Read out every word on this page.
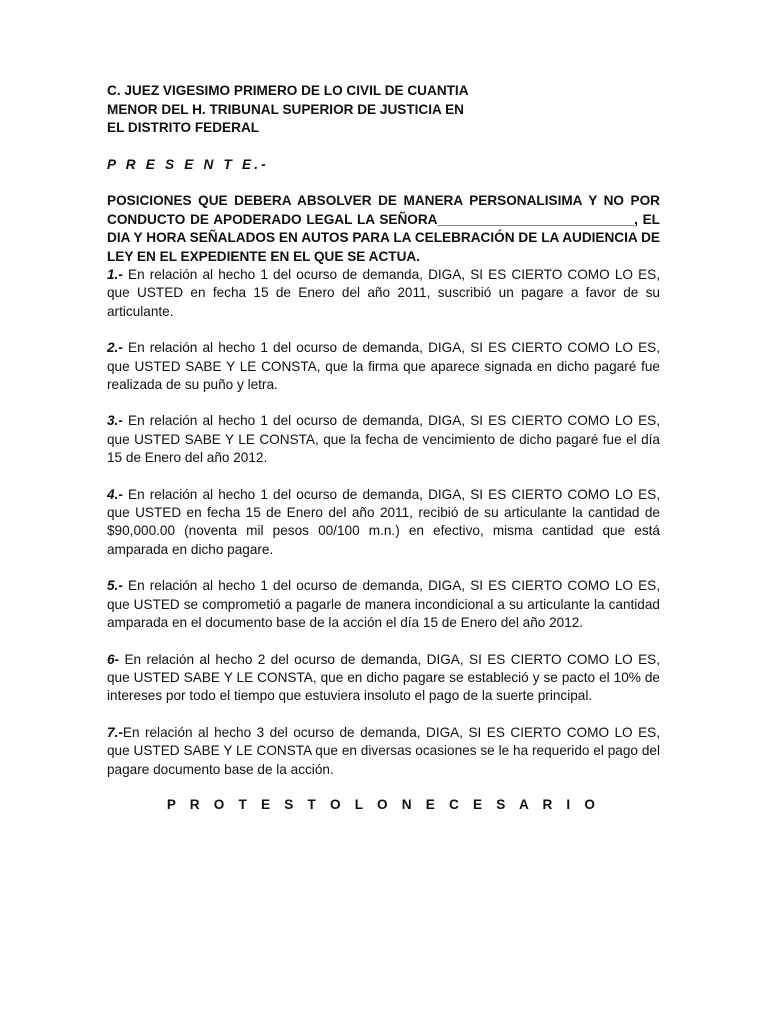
C. JUEZ VIGESIMO PRIMERO DE LO CIVIL DE CUANTIA
MENOR DEL H. TRIBUNAL SUPERIOR DE JUSTICIA EN
EL DISTRITO FEDERAL
P R E S E N T E.-
POSICIONES QUE DEBERA ABSOLVER DE MANERA PERSONALISIMA Y NO POR CONDUCTO DE APODERADO LEGAL LA SEÑORA__________________________, EL DIA Y HORA SEÑALADOS EN AUTOS PARA LA CELEBRACIÓN DE LA AUDIENCIA DE LEY EN EL EXPEDIENTE EN EL QUE SE ACTUA.

1.- En relación al hecho 1 del ocurso de demanda, DIGA, SI ES CIERTO COMO LO ES, que USTED en fecha 15 de Enero del año 2011, suscribió un pagare a favor de su articulante.

2.- En relación al hecho 1 del ocurso de demanda, DIGA, SI ES CIERTO COMO LO ES, que USTED SABE Y LE CONSTA, que la firma que aparece signada en dicho pagaré fue realizada de su puño y letra.

3.- En relación al hecho 1 del ocurso de demanda, DIGA, SI ES CIERTO COMO LO ES, que USTED SABE Y LE CONSTA, que la fecha de vencimiento de dicho pagaré fue el día 15 de Enero del año 2012.

4.- En relación al hecho 1 del ocurso de demanda, DIGA, SI ES CIERTO COMO LO ES, que USTED en fecha 15 de Enero del año 2011, recibió de su articulante la cantidad de $90,000.00 (noventa mil pesos 00/100 m.n.) en efectivo, misma cantidad que está amparada en dicho pagare.

5.- En relación al hecho 1 del ocurso de demanda, DIGA, SI ES CIERTO COMO LO ES, que USTED se comprometió a pagarle de manera incondicional a su articulante la cantidad amparada en el documento base de la acción el día 15 de Enero del año 2012.

6- En relación al hecho 2 del ocurso de demanda, DIGA, SI ES CIERTO COMO LO ES, que USTED SABE Y LE CONSTA, que en dicho pagare se estableció y se pacto el 10% de intereses por todo el tiempo que estuviera insoluto el pago de la suerte principal.

7.-En relación al hecho 3 del ocurso de demanda, DIGA, SI ES CIERTO COMO LO ES, que USTED SABE Y LE CONSTA que en diversas ocasiones se le ha requerido el pago del pagare documento base de la acción.

P R O T E S T O L O N E C E S A R I O
